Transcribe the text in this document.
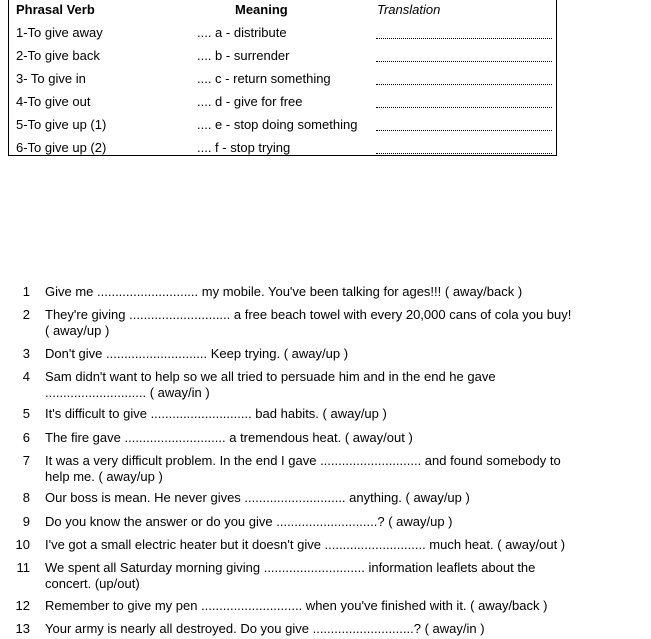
Phrasal Verb	Meaning	Translation
1-To give away	.... a - distribute
2-To give back	.... b - surrender
3- To give in	.... c - return something
4-To give out	.... d - give for free
5-To give up (1)	.... e - stop doing something
6-To give up (2)	.... f - stop trying
1 Give me ............................ my mobile. You've been talking for ages!!! ( away/back )
2 They're giving ............................ a free beach towel with every 20,000 cans of cola you buy! ( away/up )
3 Don't give ............................ Keep trying. ( away/up )
4 Sam didn't want to help so we all tried to persuade him and in the end he gave ............................ ( away/in )
5 It's difficult to give ............................ bad habits. ( away/up )
6 The fire gave ............................ a tremendous heat. ( away/out )
7 It was a very difficult problem. In the end I gave ............................ and found somebody to help me. ( away/up )
8 Our boss is mean. He never gives ............................ anything. ( away/up )
9 Do you know the answer or do you give ............................? ( away/up )
10 I've got a small electric heater but it doesn't give ............................ much heat. ( away/out )
11 We spent all Saturday morning giving ............................ information leaflets about the concert. (up/out)
12 Remember to give my pen ............................ when you've finished with it. ( away/back )
13 Your army is nearly all destroyed. Do you give ............................? ( away/in )
